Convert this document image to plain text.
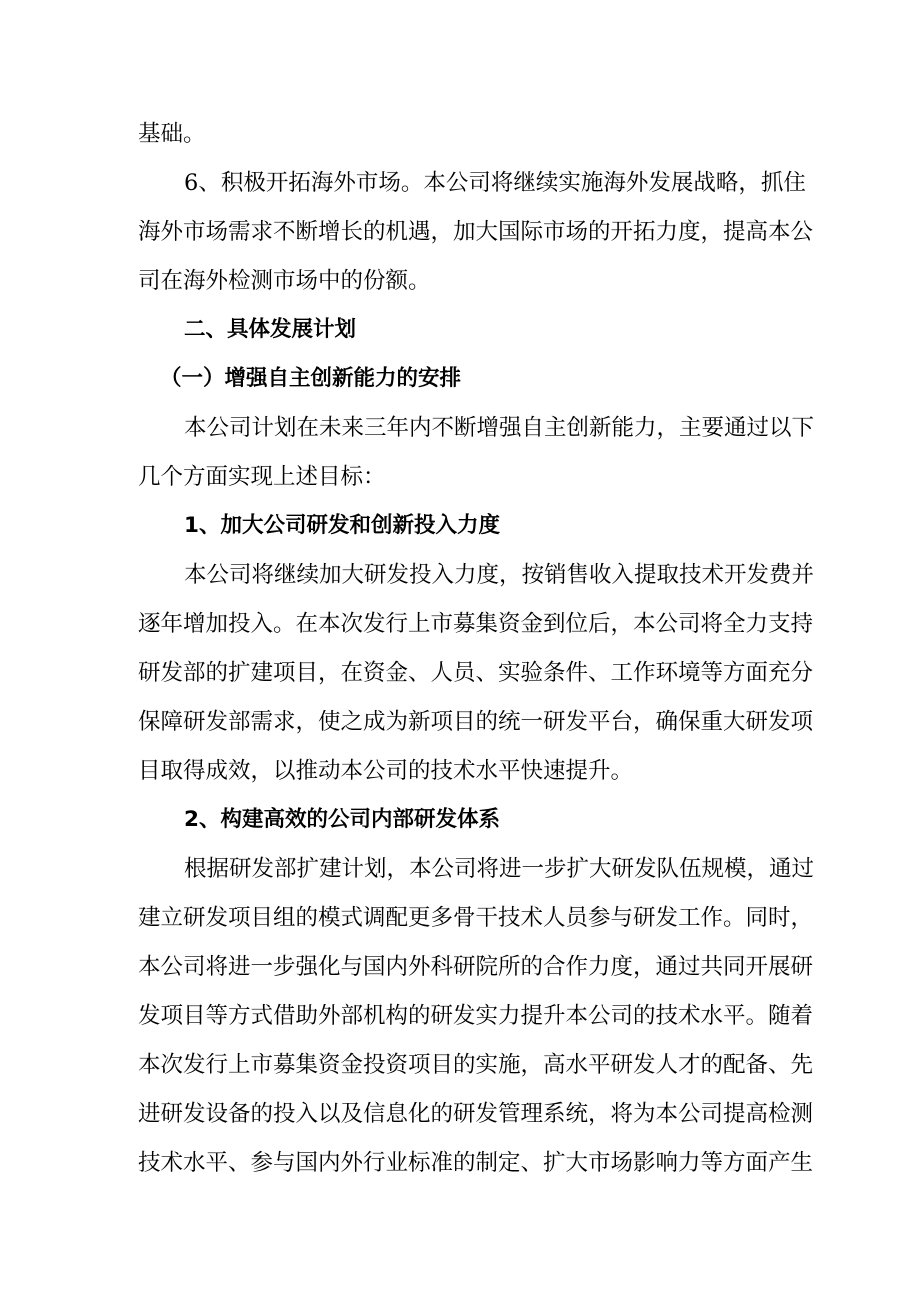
基础。

6、积极开拓海外市场。本公司将继续实施海外发展战略，抓住

海外市场需求不断增长的机遇，加大国际市场的开拓力度，提高本公

司在海外检测市场中的份额。

二、具体发展计划

（一）增强自主创新能力的安排

本公司计划在未来三年内不断增强自主创新能力，主要通过以下

几个方面实现上述目标：

1、加大公司研发和创新投入力度

本公司将继续加大研发投入力度，按销售收入提取技术开发费并

逐年增加投入。在本次发行上市募集资金到位后，本公司将全力支持

研发部的扩建项目，在资金、人员、实验条件、工作环境等方面充分

保障研发部需求，使之成为新项目的统一研发平台，确保重大研发项

目取得成效，以推动本公司的技术水平快速提升。

2、构建高效的公司内部研发体系

根据研发部扩建计划，本公司将进一步扩大研发队伍规模，通过

建立研发项目组的模式调配更多骨干技术人员参与研发工作。同时，

本公司将进一步强化与国内外科研院所的合作力度，通过共同开展研

发项目等方式借助外部机构的研发实力提升本公司的技术水平。随着

本次发行上市募集资金投资项目的实施，高水平研发人才的配备、先

进研发设备的投入以及信息化的研发管理系统，将为本公司提高检测

技术水平、参与国内外行业标准的制定、扩大市场影响力等方面产生
